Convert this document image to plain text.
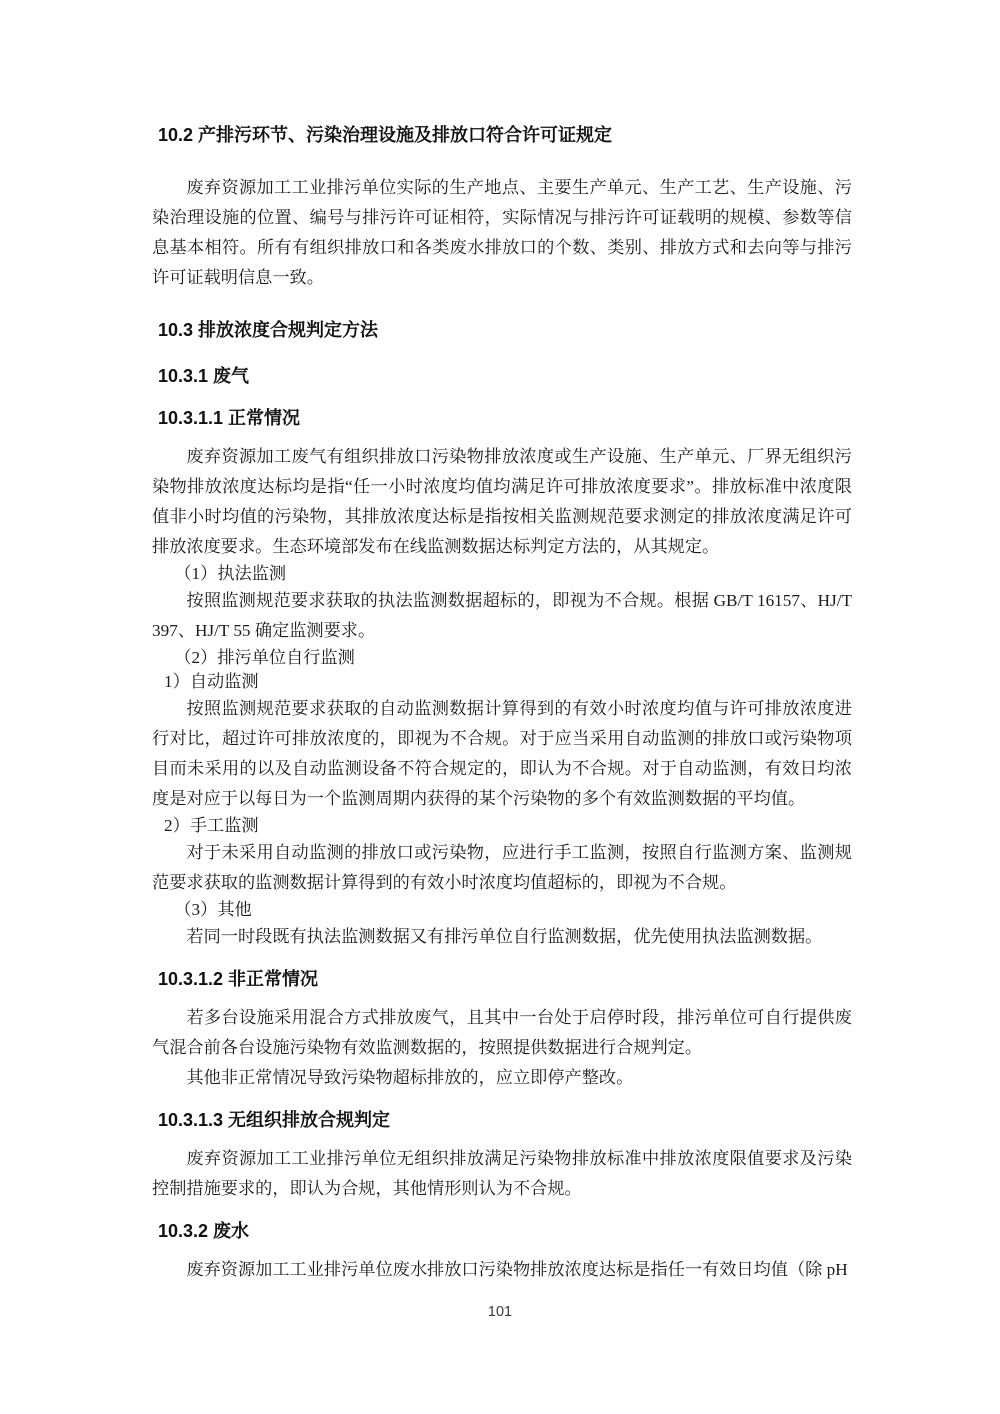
10.2 产排污环节、污染治理设施及排放口符合许可证规定

废弃资源加工工业排污单位实际的生产地点、主要生产单元、生产工艺、生产设施、污染治理设施的位置、编号与排污许可证相符，实际情况与排污许可证载明的规模、参数等信息基本相符。所有有组织排放口和各类废水排放口的个数、类别、排放方式和去向等与排污许可证载明信息一致。

10.3 排放浓度合规判定方法
10.3.1 废气
10.3.1.1 正常情况

废弃资源加工废气有组织排放口污染物排放浓度或生产设施、生产单元、厂界无组织污染物排放浓度达标均是指“任一小时浓度均值均满足许可排放浓度要求”。排放标准中浓度限值非小时均值的污染物，其排放浓度达标是指按相关监测规范要求测定的排放浓度满足许可排放浓度要求。生态环境部发布在线监测数据达标判定方法的，从其规定。

（1）执法监测

按照监测规范要求获取的执法监测数据超标的，即视为不合规。根据 GB/T 16157、HJ/T 397、HJ/T 55 确定监测要求。

（2）排污单位自行监测

1）自动监测

按照监测规范要求获取的自动监测数据计算得到的有效小时浓度均值与许可排放浓度进行对比，超过许可排放浓度的，即视为不合规。对于应当采用自动监测的排放口或污染物项目而未采用的以及自动监测设备不符合规定的，即认为不合规。对于自动监测，有效日均浓度是对应于以每日为一个监测周期内获得的某个污染物的多个有效监测数据的平均值。

2）手工监测

对于未采用自动监测的排放口或污染物，应进行手工监测，按照自行监测方案、监测规范要求获取的监测数据计算得到的有效小时浓度均值超标的，即视为不合规。

（3）其他

若同一时段既有执法监测数据又有排污单位自行监测数据，优先使用执法监测数据。

10.3.1.2 非正常情况

若多台设施采用混合方式排放废气，且其中一台处于启停时段，排污单位可自行提供废气混合前各台设施污染物有效监测数据的，按照提供数据进行合规判定。

其他非正常情况导致污染物超标排放的，应立即停产整改。

10.3.1.3 无组织排放合规判定

废弃资源加工工业排污单位无组织排放满足污染物排放标准中排放浓度限值要求及污染控制措施要求的，即认为合规，其他情形则认为不合规。

10.3.2 废水

废弃资源加工工业排污单位废水排放口污染物排放浓度达标是指任一有效日均值（除 pH

101
